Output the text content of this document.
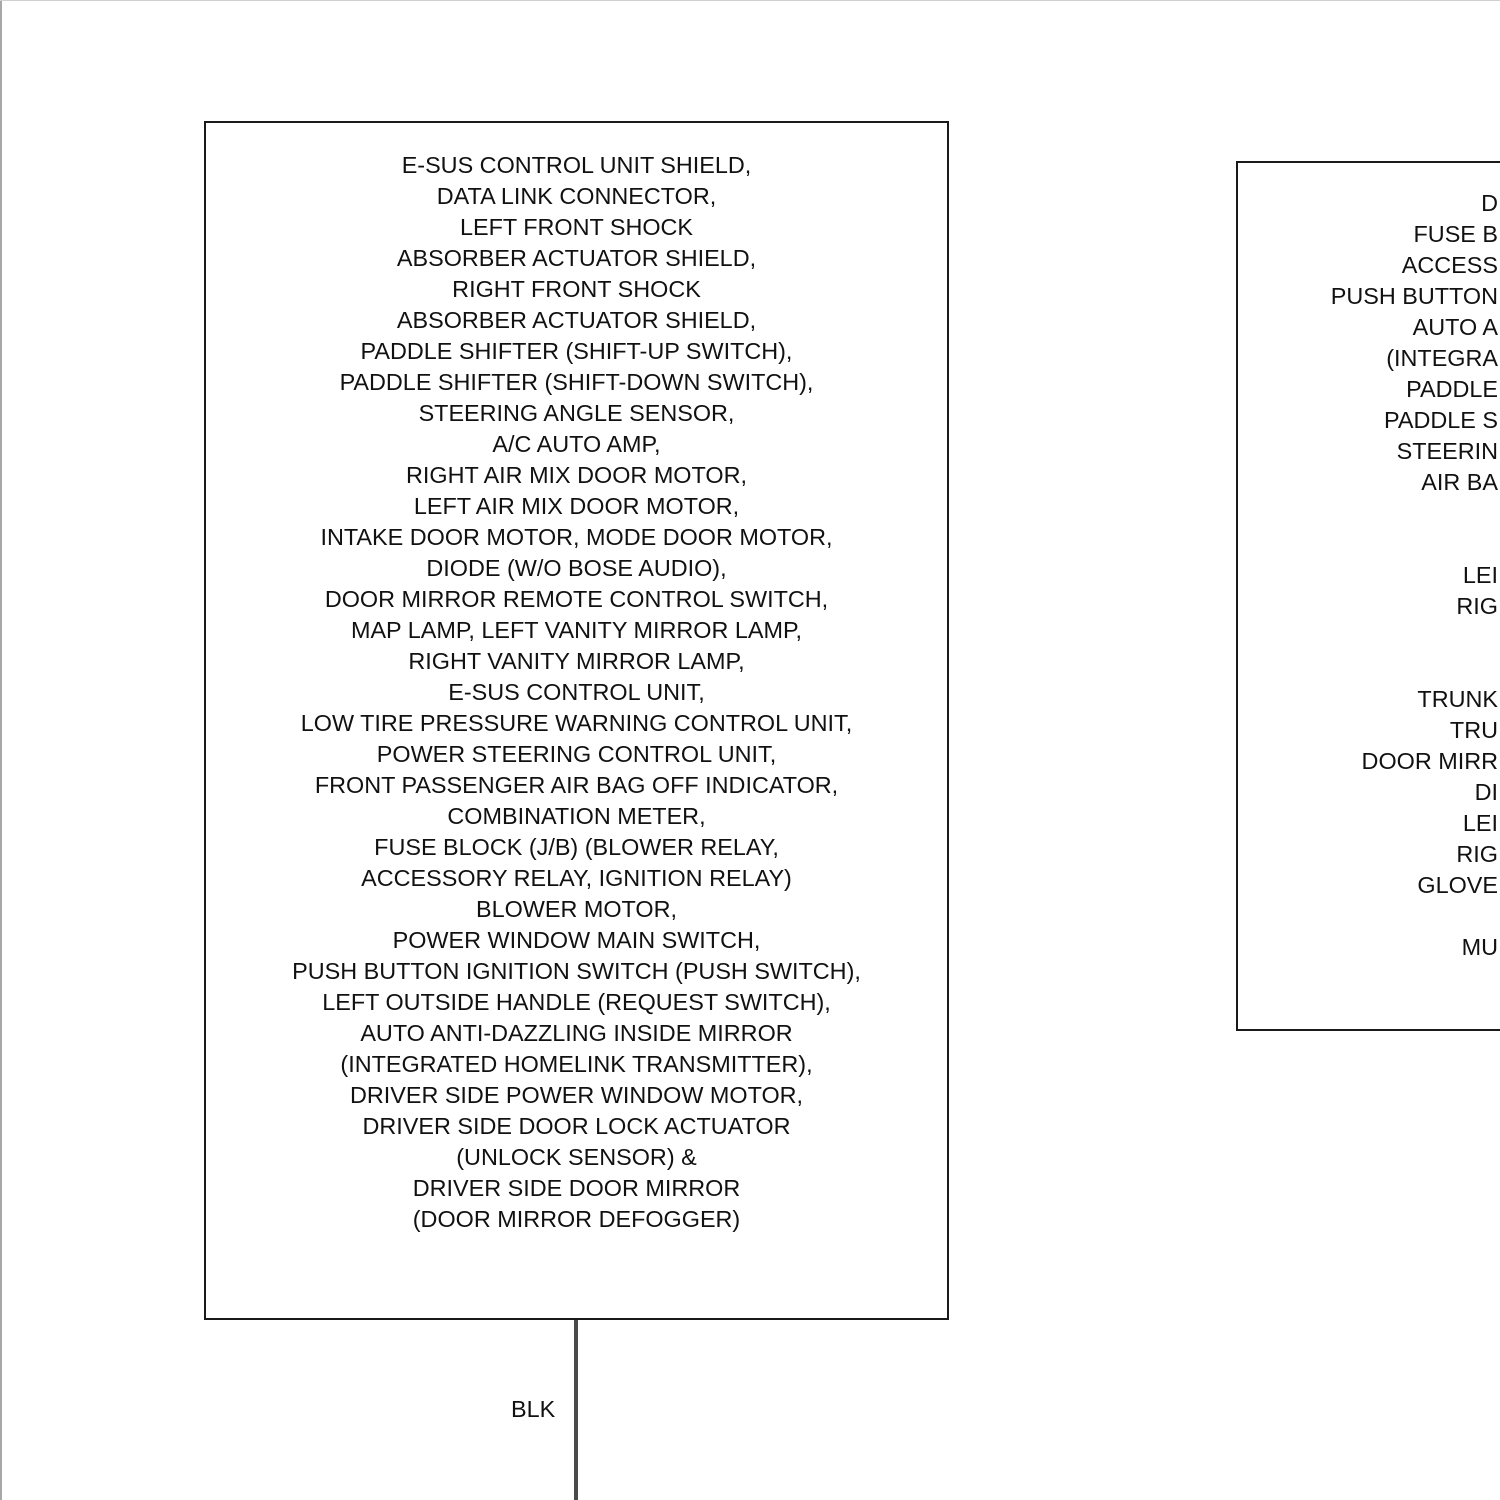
E-SUS CONTROL UNIT SHIELD,
DATA LINK CONNECTOR,
LEFT FRONT SHOCK
ABSORBER ACTUATOR SHIELD,
RIGHT FRONT SHOCK
ABSORBER ACTUATOR SHIELD,
PADDLE SHIFTER (SHIFT-UP SWITCH),
PADDLE SHIFTER (SHIFT-DOWN SWITCH),
STEERING ANGLE SENSOR,
A/C AUTO AMP,
RIGHT AIR MIX DOOR MOTOR,
LEFT AIR MIX DOOR MOTOR,
INTAKE DOOR MOTOR, MODE DOOR MOTOR,
DIODE (W/O BOSE AUDIO),
DOOR MIRROR REMOTE CONTROL SWITCH,
MAP LAMP, LEFT VANITY MIRROR LAMP,
RIGHT VANITY MIRROR LAMP,
E-SUS CONTROL UNIT,
LOW TIRE PRESSURE WARNING CONTROL UNIT,
POWER STEERING CONTROL UNIT,
FRONT PASSENGER AIR BAG OFF INDICATOR,
COMBINATION METER,
FUSE BLOCK (J/B) (BLOWER RELAY,
ACCESSORY RELAY, IGNITION RELAY)
BLOWER MOTOR,
POWER WINDOW MAIN SWITCH,
PUSH BUTTON IGNITION SWITCH (PUSH SWITCH),
LEFT OUTSIDE HANDLE (REQUEST SWITCH),
AUTO ANTI-DAZZLING INSIDE MIRROR
(INTEGRATED HOMELINK TRANSMITTER),
DRIVER SIDE POWER WINDOW MOTOR,
DRIVER SIDE DOOR LOCK ACTUATOR
(UNLOCK SENSOR) &
DRIVER SIDE DOOR MIRROR
(DOOR MIRROR DEFOGGER)
D
FUSE B
ACCESS
PUSH BUTTON
AUTO A
(INTEGRA
PADDLE
PADDLE S
STEERIN
AIR BA
LEI
RIG
TRUNK
TRU
DOOR MIRR
DI
LEI
RIG
GLOVE
MU
BLK
